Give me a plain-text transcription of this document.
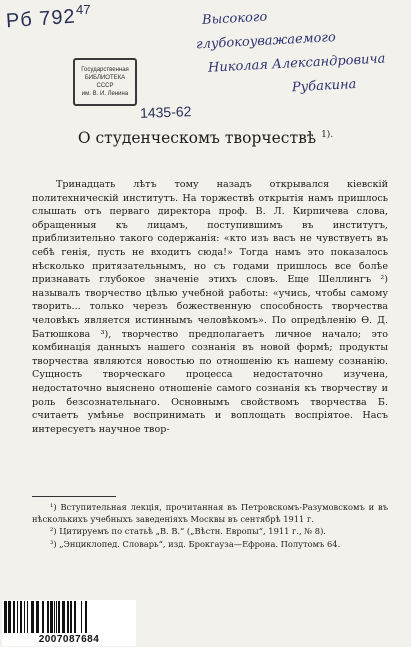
Рб 792 47
Государственная
БИБЛИОТЕКА
СССР
им. В. И. Ленина
1435-62
Высокого
глубокоуважаемого
Николая Александровича
Рубакина
О студенческомъ творчествѣ $^{1).}$

Тринадцать лѣтъ тому назадъ открывался кіевскій политехническій институтъ. На торжествѣ открытія намъ пришлось слышать отъ перваго директора проф. В. Л. Кирпичева слова, обращенныя къ лицамъ, поступившимъ въ институтъ, приблизительно такого содержанія: «кто изъ васъ не чувствуетъ въ себѣ генія, пусть не входитъ сюда!» Тогда намъ это показалось нѣсколько притязательнымъ, но съ годами пришлось все болѣе признавать глубокое значеніе этихъ словъ. Еще Шеллингъ ²) называлъ творчество цѣлью учебной работы: «учись, чтобы самому творить... только черезъ божественную способность творчества человѣкъ является истиннымъ человѣкомъ». По опредѣленію Ѳ. Д. Батюшкова ³), творчество предполагаетъ личное начало; это комбинація данныхъ нашего сознанія въ новой формѣ; продукты творчества являются новостью по отношенію къ нашему сознанію. Сущность творческаго процесса недостаточно изучена, недостаточно выяснено отношеніе самого сознанія къ творчеству и роль безсознательнаго. Основнымъ свойствомъ творчества Б. считаетъ умѣнье воспринимать и воплощать воспріятое. Насъ интересуетъ научное твор-

¹) Вступительная лекція, прочитанная въ Петровскомъ-Разумовскомъ и въ нѣсколькихъ учебныхъ заведеніяхъ Москвы въ сентябрѣ 1911 г.

²) Цитируемъ по статьѣ „В. В.“ („Вѣстн. Европы“, 1911 г., № 8).

³) „Энциклопед. Словарь“, изд. Брокгауза—Ефрона. Полутомъ 64.

2007087684
